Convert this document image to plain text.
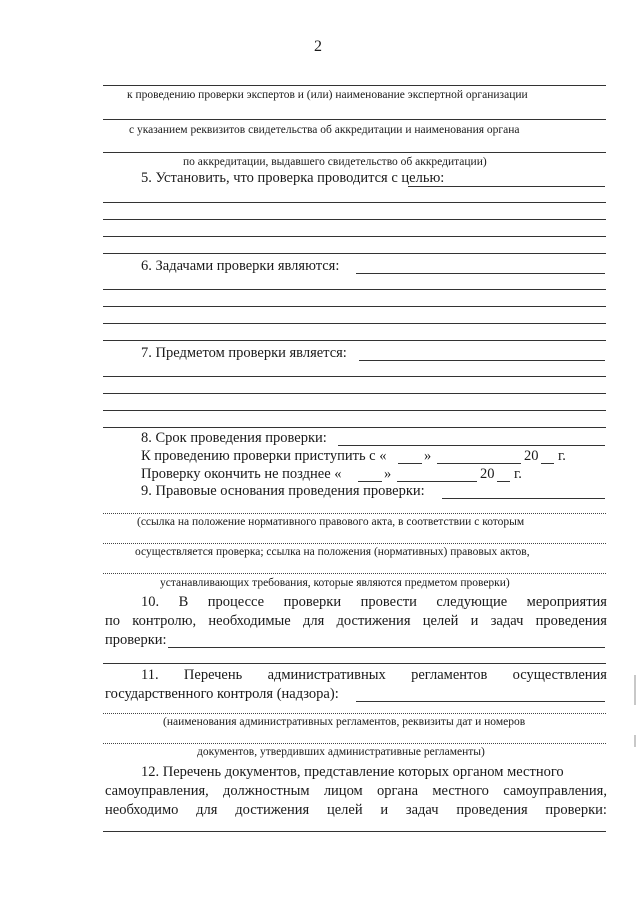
2
к проведению проверки экспертов и (или) наименование экспертной организации
с указанием реквизитов свидетельства об аккредитации и наименования органа
по аккредитации, выдавшего свидетельство об аккредитации)
5. Установить, что проверка проводится с целью:
6. Задачами проверки являются:
7. Предметом проверки является:
8. Срок проведения проверки:
К проведению проверки приступить с «	»	20 г.
Проверку окончить не позднее «	»	20 г.
9. Правовые основания проведения проверки:
(ссылка на положение нормативного правового акта, в соответствии с которым
осуществляется проверка; ссылка на положения (нормативных) правовых актов,
устанавливающих требования, которые являются предметом проверки)
10. В процессе проверки провести следующие мероприятия
по контролю, необходимые для достижения целей и задач проведения
проверки:
11. Перечень административных регламентов осуществления
государственного контроля (надзора):
(наименования административных регламентов, реквизиты дат и номеров
документов, утвердивших административные регламенты)
12. Перечень документов, представление которых органом местного
самоуправления, должностным лицом органа местного самоуправления,
необходимо для достижения целей и задач проведения проверки:
